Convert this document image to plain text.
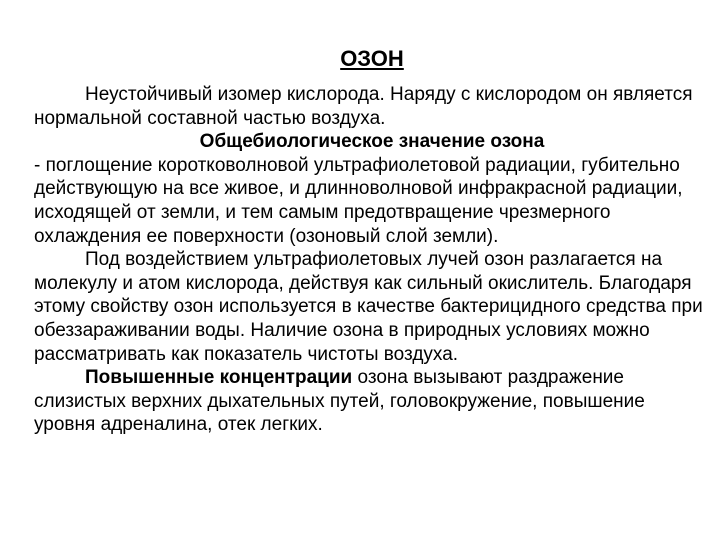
ОЗОН

Неустойчивый изомер кислорода. Наряду с кислородом он является нормальной составной частью воздуха.
Общебиологическое значение озона
- поглощение коротковолновой ультрафиолетовой радиации, губительно действующую на все живое, и длинноволновой инфракрасной радиации, исходящей от земли, и тем самым предотвращение чрезмерного охлаждения ее поверхности (озоновый слой земли).

Под воздействием ультрафиолетовых лучей озон разлагается на молекулу и атом кислорода, действуя как сильный окислитель. Благодаря этому свойству озон используется в качестве бактерицидного средства при обеззараживании воды. Наличие озона в природных условиях можно рассматривать как показатель чистоты воздуха.

Повышенные концентрации озона вызывают раздражение слизистых верхних дыхательных путей, головокружение, повышение уровня адреналина, отек легких.
